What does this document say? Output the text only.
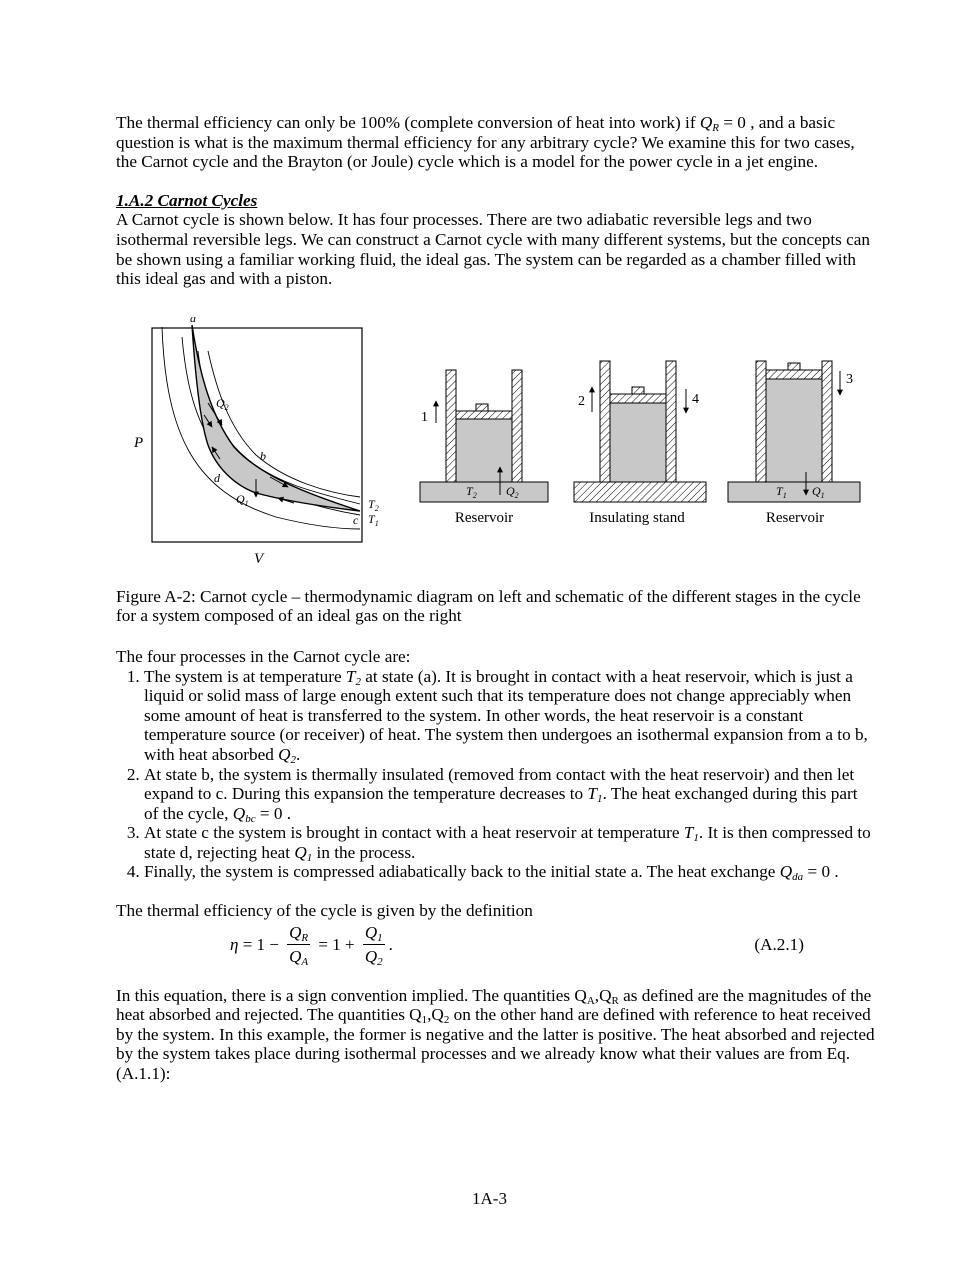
The thermal efficiency can only be 100% (complete conversion of heat into work) if $Q_R = 0$ , and a basic question is what is the maximum thermal efficiency for any arbitrary cycle? We examine this for two cases, the Carnot cycle and the Brayton (or Joule) cycle which is a model for the power cycle in a jet engine.

1.A.2 Carnot Cycles

A Carnot cycle is shown below. It has four processes. There are two adiabatic reversible legs and two isothermal reversible legs. We can construct a Carnot cycle with many different systems, but the concepts can be shown using a familiar working fluid, the ideal gas. The system can be regarded as a chamber filled with this ideal gas and with a piston.

a
b
d
c
$Q_2$
$Q_1$	$T_2$
$T_1$
P
V
1
$T_2$ $Q_2$
Reservoir
2	4
Insulating stand
3
$T_1$ $Q_1$
Reservoir

Figure A-2: Carnot cycle – thermodynamic diagram on left and schematic of the different stages in the cycle for a system composed of an ideal gas on the right

The four processes in the Carnot cycle are:

1. The system is at temperature $T_2$ at state (a). It is brought in contact with a heat reservoir, which is just a liquid or solid mass of large enough extent such that its temperature does not change appreciably when some amount of heat is transferred to the system. In other words, the heat reservoir is a constant temperature source (or receiver) of heat. The system then undergoes an isothermal expansion from a to b, with heat absorbed $Q_2$.
2. At state b, the system is thermally insulated (removed from contact with the heat reservoir) and then let expand to c. During this expansion the temperature decreases to $T_1$. The heat exchanged during this part of the cycle, $Q_{bc} = 0$ .
3. At state c the system is brought in contact with a heat reservoir at temperature $T_1$. It is then compressed to state d, rejecting heat $Q_1$ in the process.
4. Finally, the system is compressed adiabatically back to the initial state a. The heat exchange $Q_{da} = 0$ .

The thermal efficiency of the cycle is given by the definition

$\eta = 1 - \frac{Q_R}{Q_A} = 1 + \frac{Q_1}{Q_2}$ .	(A.2.1)

In this equation, there is a sign convention implied. The quantities $Q_A,Q_R$ as defined are the magnitudes of the heat absorbed and rejected. The quantities $Q_1,Q_2$ on the other hand are defined with reference to heat received by the system. In this example, the former is negative and the latter is positive. The heat absorbed and rejected by the system takes place during isothermal processes and we already know what their values are from Eq. (A.1.1):

1A-3
